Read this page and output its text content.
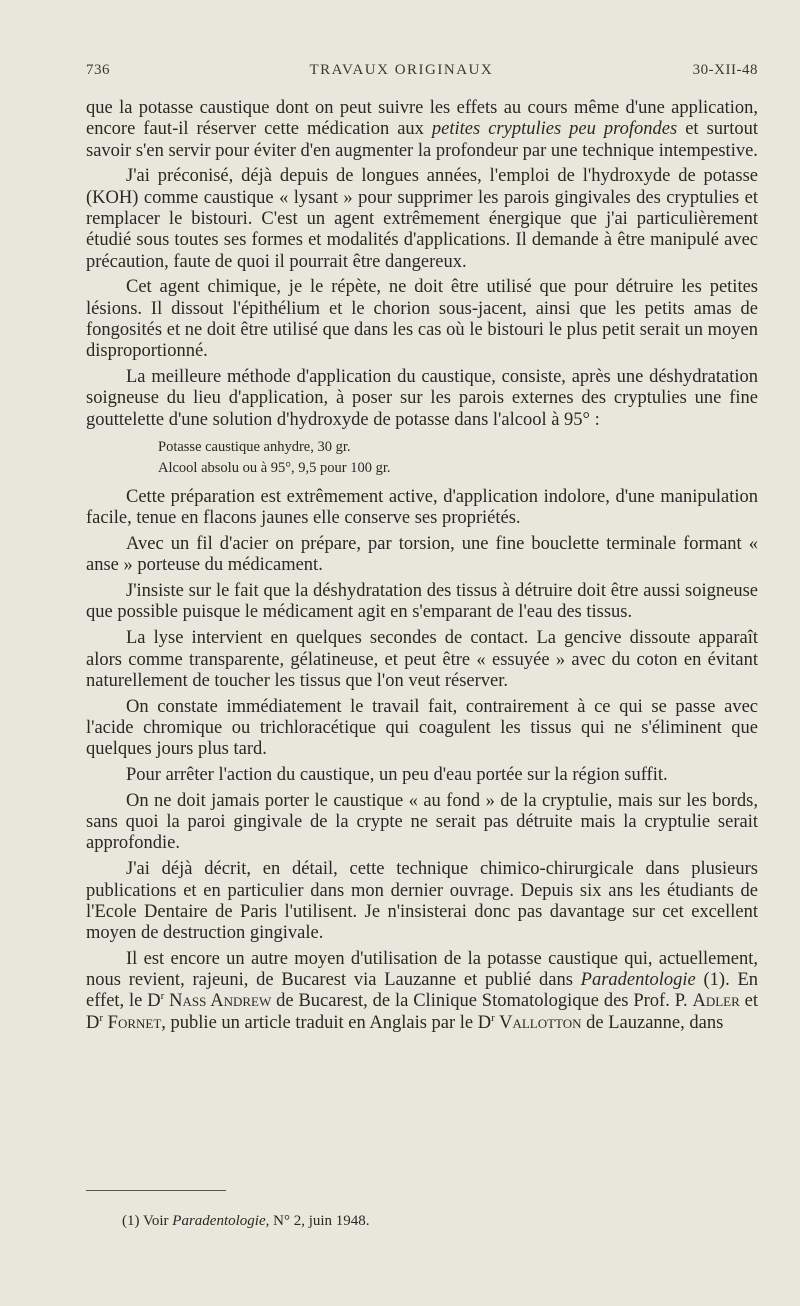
736	TRAVAUX ORIGINAUX	30-XII-48

que la potasse caustique dont on peut suivre les effets au cours même d'une application, encore faut-il réserver cette médication aux petites cryptulies peu profondes et surtout savoir s'en servir pour éviter d'en augmenter la profondeur par une technique intempestive.

J'ai préconisé, déjà depuis de longues années, l'emploi de l'hydroxyde de potasse (KOH) comme caustique « lysant » pour supprimer les parois gingivales des cryptulies et remplacer le bistouri. C'est un agent extrêmement énergique que j'ai particulièrement étudié sous toutes ses formes et modalités d'applications. Il demande à être manipulé avec précaution, faute de quoi il pourrait être dangereux.

Cet agent chimique, je le répète, ne doit être utilisé que pour détruire les petites lésions. Il dissout l'épithélium et le chorion sous-jacent, ainsi que les petits amas de fongosités et ne doit être utilisé que dans les cas où le bistouri le plus petit serait un moyen disproportionné.

La meilleure méthode d'application du caustique, consiste, après une déshydratation soigneuse du lieu d'application, à poser sur les parois externes des cryptulies une fine gouttelette d'une solution d'hydroxyde de potasse dans l'alcool à 95° :

Potasse caustique anhydre, 30 gr.
Alcool absolu ou à 95°, 9,5 pour 100 gr.

Cette préparation est extrêmement active, d'application indolore, d'une manipulation facile, tenue en flacons jaunes elle conserve ses propriétés.

Avec un fil d'acier on prépare, par torsion, une fine bouclette terminale formant « anse » porteuse du médicament.

J'insiste sur le fait que la déshydratation des tissus à détruire doit être aussi soigneuse que possible puisque le médicament agit en s'emparant de l'eau des tissus.

La lyse intervient en quelques secondes de contact. La gencive dissoute apparaît alors comme transparente, gélatineuse, et peut être « essuyée » avec du coton en évitant naturellement de toucher les tissus que l'on veut réserver.

On constate immédiatement le travail fait, contrairement à ce qui se passe avec l'acide chromique ou trichloracétique qui coagulent les tissus qui ne s'éliminent que quelques jours plus tard.

Pour arrêter l'action du caustique, un peu d'eau portée sur la région suffit.

On ne doit jamais porter le caustique « au fond » de la cryptulie, mais sur les bords, sans quoi la paroi gingivale de la crypte ne serait pas détruite mais la cryptulie serait approfondie.

J'ai déjà décrit, en détail, cette technique chimico-chirurgicale dans plusieurs publications et en particulier dans mon dernier ouvrage. Depuis six ans les étudiants de l'Ecole Dentaire de Paris l'utilisent. Je n'insisterai donc pas davantage sur cet excellent moyen de destruction gingivale.

Il est encore un autre moyen d'utilisation de la potasse caustique qui, actuellement, nous revient, rajeuni, de Bucarest via Lauzanne et publié dans Paradentologie (1). En effet, le $D^r$ Nass Andrew de Bucarest, de la Clinique Stomatologique des Prof. P. Adler et $D^r$ Fornet, publie un article traduit en Anglais par le $D^r$ Vallotton de Lauzanne, dans

(1) Voir Paradentologie, N° 2, juin 1948.
